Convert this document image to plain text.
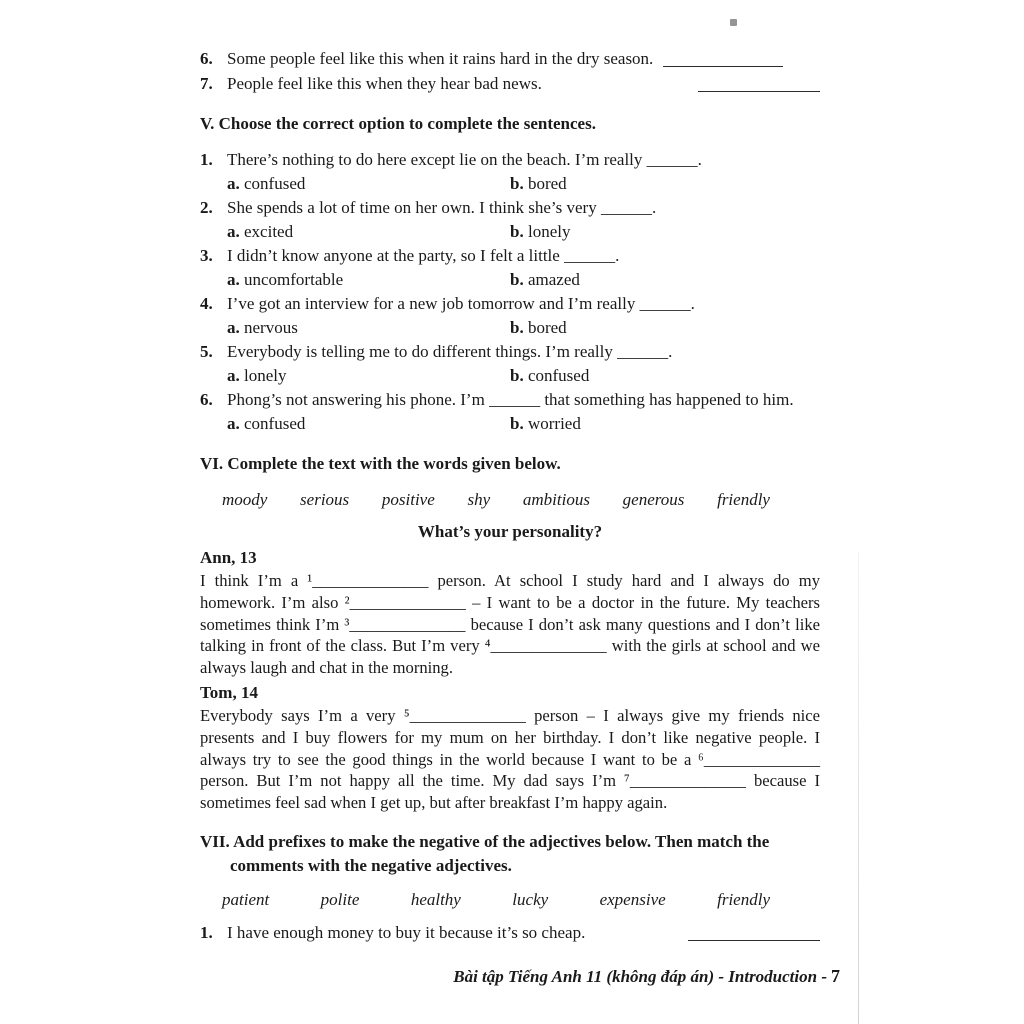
6. Some people feel like this when it rains hard in the dry season.
7. People feel like this when they hear bad news.
V. Choose the correct option to complete the sentences.
1. There’s nothing to do here except lie on the beach. I’m really ______.
a. confused	b. bored
2. She spends a lot of time on her own. I think she’s very ______.
a. excited	b. lonely
3. I didn’t know anyone at the party, so I felt a little ______.
a. uncomfortable	b. amazed
4. I’ve got an interview for a new job tomorrow and I’m really ______.
a. nervous	b. bored
5. Everybody is telling me to do different things. I’m really ______.
a. lonely	b. confused
6. Phong’s not answering his phone. I’m ______ that something has happened to him.
a. confused	b. worried
VI. Complete the text with the words given below.
moody serious positive shy ambitious generous friendly
What’s your personality?
Ann, 13

I think I’m a ¹______________ person. At school I study hard and I always do my homework. I’m also ²______________ – I want to be a doctor in the future. My teachers sometimes think I’m ³______________ because I don’t ask many questions and I don’t like talking in front of the class. But I’m very ⁴______________ with the girls at school and we always laugh and chat in the morning.

Tom, 14

Everybody says I’m a very ⁵______________ person – I always give my friends nice presents and I buy flowers for my mum on her birthday. I don’t like negative people. I always try to see the good things in the world because I want to be a ⁶______________ person. But I’m not happy all the time. My dad says I’m ⁷______________ because I sometimes feel sad when I get up, but after breakfast I’m happy again.

VII. Add prefixes to make the negative of the adjectives below. Then match the comments with the negative adjectives.
patient	polite	healthy	lucky	expensive	friendly
1. I have enough money to buy it because it’s so cheap.
Bài tập Tiếng Anh 11 (không đáp án) - Introduction - 7
